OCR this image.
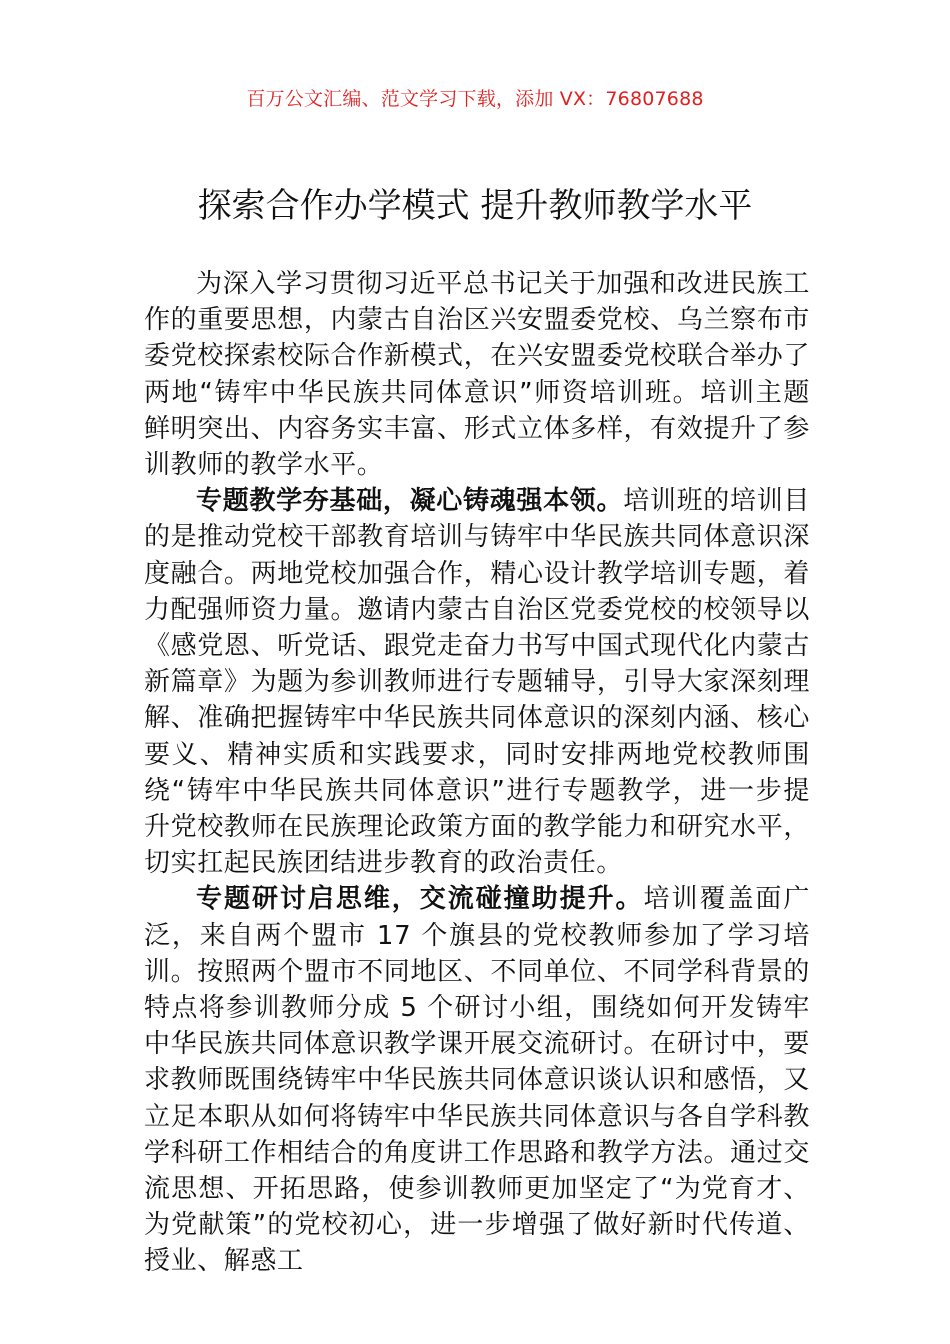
百万公文汇编、范文学习下载，添加 VX：76807688
探索合作办学模式 提升教师教学水平

为深入学习贯彻习近平总书记关于加强和改进民族工作的重要思想，内蒙古自治区兴安盟委党校、乌兰察布市委党校探索校际合作新模式，在兴安盟委党校联合举办了两地“铸牢中华民族共同体意识”师资培训班。培训主题鲜明突出、内容务实丰富、形式立体多样，有效提升了参训教师的教学水平。

专题教学夯基础，凝心铸魂强本领。培训班的培训目的是推动党校干部教育培训与铸牢中华民族共同体意识深度融合。两地党校加强合作，精心设计教学培训专题，着力配强师资力量。邀请内蒙古自治区党委党校的校领导以《感党恩、听党话、跟党走奋力书写中国式现代化内蒙古新篇章》为题为参训教师进行专题辅导，引导大家深刻理解、准确把握铸牢中华民族共同体意识的深刻内涵、核心要义、精神实质和实践要求，同时安排两地党校教师围绕“铸牢中华民族共同体意识”进行专题教学，进一步提升党校教师在民族理论政策方面的教学能力和研究水平，切实扛起民族团结进步教育的政治责任。

专题研讨启思维，交流碰撞助提升。培训覆盖面广泛，来自两个盟市 17 个旗县的党校教师参加了学习培训。按照两个盟市不同地区、不同单位、不同学科背景的特点将参训教师分成 5 个研讨小组，围绕如何开发铸牢中华民族共同体意识教学课开展交流研讨。在研讨中，要求教师既围绕铸牢中华民族共同体意识谈认识和感悟，又立足本职从如何将铸牢中华民族共同体意识与各自学科教学科研工作相结合的角度讲工作思路和教学方法。通过交流思想、开拓思路，使参训教师更加坚定了“为党育才、为党献策”的党校初心，进一步增强了做好新时代传道、授业、解惑工
